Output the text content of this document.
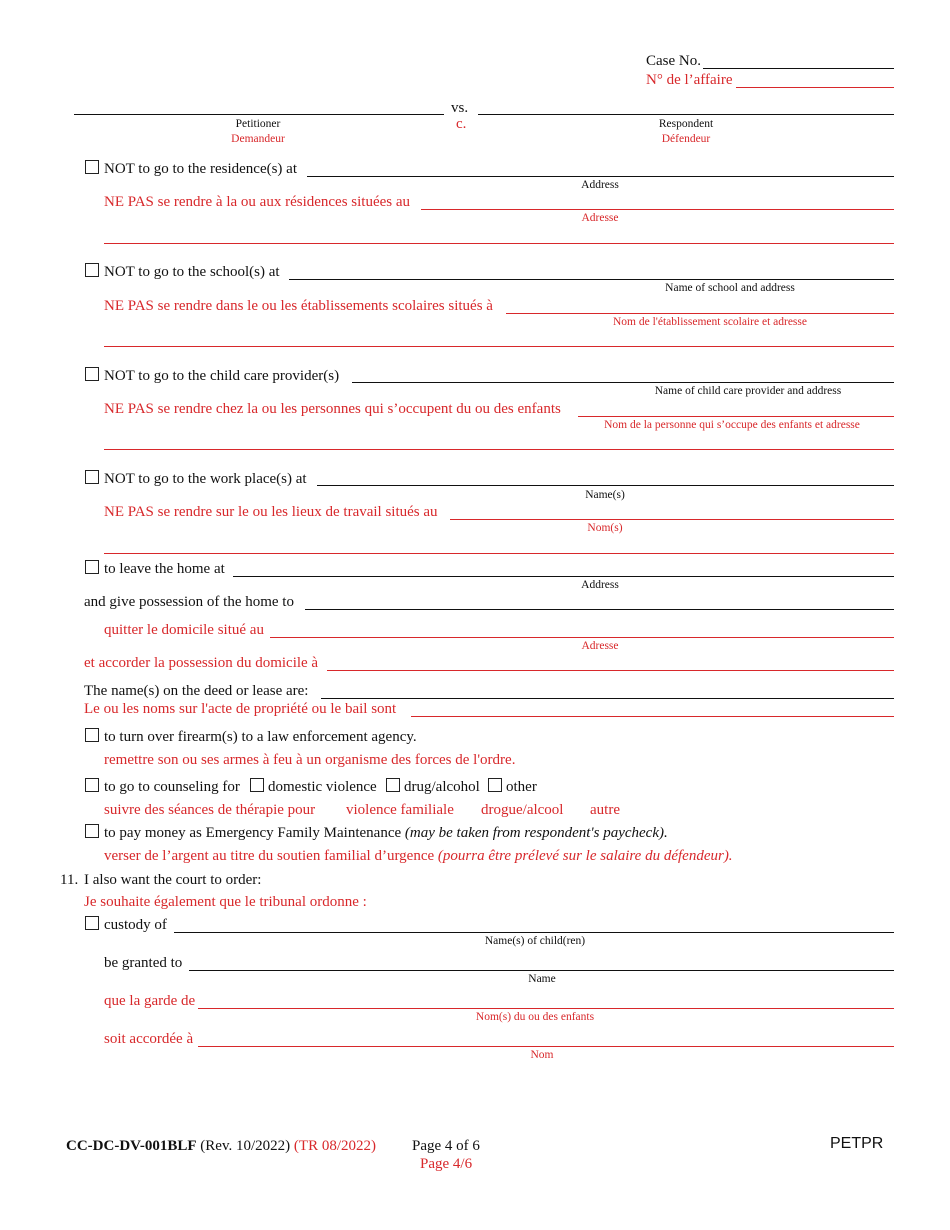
Case No.
N° de l’affaire
vs.
Petitioner
Demandeur
c.	Respondent
Défendeur
NOT to go to the residence(s) at
Address
NE PAS se rendre à la ou aux résidences situées au
Adresse
NOT to go to the school(s) at
Name of school and address
NE PAS se rendre dans le ou les établissements scolaires situés à
Nom de l'établissement scolaire et adresse
NOT to go to the child care provider(s)
Name of child care provider and address
NE PAS se rendre chez la ou les personnes qui s’occupent du ou des enfants
Nom de la personne qui s’occupe des enfants et adresse
NOT to go to the work place(s) at
Name(s)
NE PAS se rendre sur le ou les lieux de travail situés au
Nom(s)
to leave the home at
Address
and give possession of the home to
quitter le domicile situé au
Adresse
et accorder la possession du domicile à
The name(s) on the deed or lease are:
Le ou les noms sur l'acte de propriété ou le bail sont
to turn over firearm(s) to a law enforcement agency.
remettre son ou ses armes à feu à un organisme des forces de l'ordre.
to go to counseling for domestic violence drug/alcohol other
suivre des séances de thérapie pour violence familiale drogue/alcool autre
to pay money as Emergency Family Maintenance (may be taken from respondent's paycheck).
verser de l’argent au titre du soutien familial d’urgence (pourra être prélevé sur le salaire du défendeur).
11. I also want the court to order:
Je souhaite également que le tribunal ordonne :
custody of
Name(s) of child(ren)
be granted to
Name
que la garde de
Nom(s) du ou des enfants
soit accordée à
Nom
CC-DC-DV-001BLF (Rev. 10/2022) (TR 08/2022) Page 4 of 6
Page 4/6
PETPR
